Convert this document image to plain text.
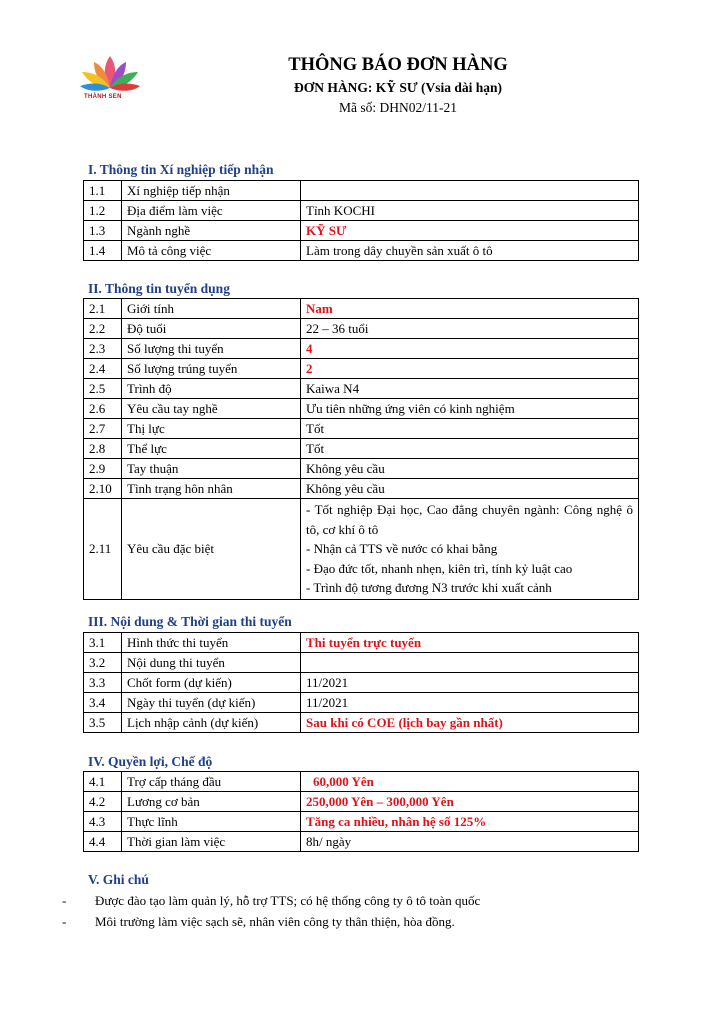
THÀNH SEN
THÔNG BÁO ĐƠN HÀNG
ĐƠN HÀNG: KỸ SƯ (Vsia dài hạn)
Mã số: DHN02/11-21
I. Thông tin Xí nghiệp tiếp nhận
1.1	Xí nghiệp tiếp nhận	
1.2	Địa điểm làm việc	Tỉnh KOCHI
1.3	Ngành nghề	KỸ SƯ
1.4	Mô tả công việc	Làm trong dây chuyền sản xuất ô tô
II. Thông tin tuyển dụng
2.1	Giới tính	Nam
2.2	Độ tuổi	22 – 36 tuổi
2.3	Số lượng thi tuyển	4
2.4	Số lượng trúng tuyển	2
2.5	Trình độ	Kaiwa N4
2.6	Yêu cầu tay nghề	Ưu tiên những ứng viên có kinh nghiệm
2.7	Thị lực	Tốt
2.8	Thể lực	Tốt
2.9	Tay thuận	Không yêu cầu
2.10	Tình trạng hôn nhân	Không yêu cầu
2.11	Yêu cầu đặc biệt	- Tốt nghiệp Đại học, Cao đẳng chuyên ngành: Công nghệ ô tô, cơ khí ô tô
- Nhận cả TTS về nước có khai bằng
- Đạo đức tốt, nhanh nhẹn, kiên trì, tính kỷ luật cao
- Trình độ tương đương N3 trước khi xuất cảnh
III. Nội dung & Thời gian thi tuyển
3.1	Hình thức thi tuyển	Thi tuyển trực tuyến
3.2	Nội dung thi tuyển	
3.3	Chốt form (dự kiến)	11/2021
3.4	Ngày thi tuyển (dự kiến)	11/2021
3.5	Lịch nhập cảnh (dự kiến)	Sau khi có COE (lịch bay gần nhất)
IV. Quyền lợi, Chế độ
4.1	Trợ cấp tháng đầu	60,000 Yên
4.2	Lương cơ bản	250,000 Yên – 300,000 Yên
4.3	Thực lĩnh	Tăng ca nhiều, nhân hệ số 125%
4.4	Thời gian làm việc	8h/ ngày
V. Ghi chú
-	Được đào tạo làm quản lý, hỗ trợ TTS; có hệ thống công ty ô tô toàn quốc
-	Môi trường làm việc sạch sẽ, nhân viên công ty thân thiện, hòa đồng.
